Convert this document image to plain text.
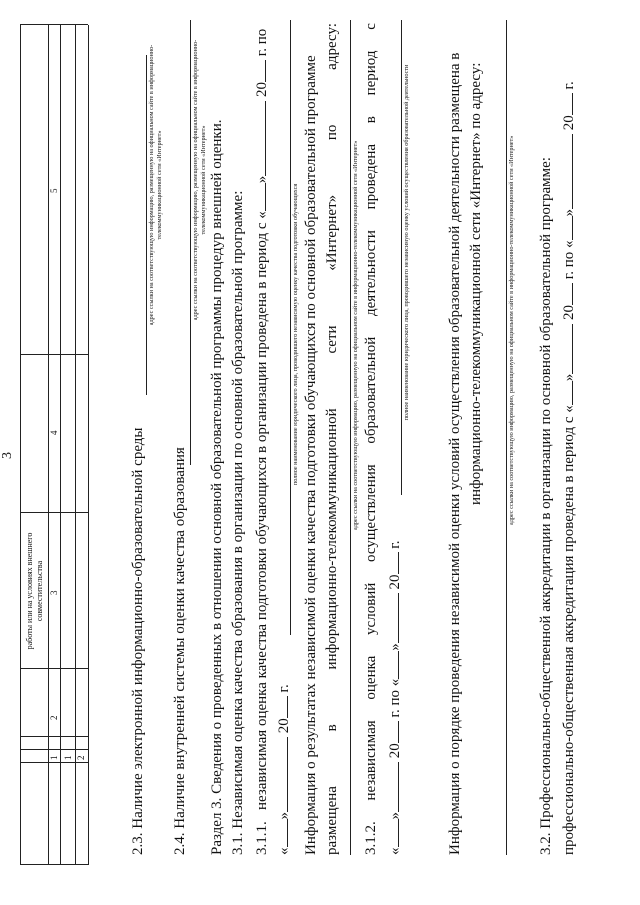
3
работы или на условиях внешнего совместительства
2
3
4
5
1 1 2	2.3. Наличие электронной информационно-образовательной среды
адрес ссылки на соответствующую информацию, размещенную на официальном сайте в информационно-телекоммуникационной сети «Интернет»
2.4. Наличие внутренней системы оценки качества образования
адрес ссылки на соответствующую информацию, размещенную на официальном сайте в информационно-телекоммуникационной сети «Интернет» Раздел 3. Сведения о проведенных в отношении основной образовательной программы процедур внешней оценки. 3.1. Независимая оценка качества образования в организации по основной образовательной программе: 3.1.1.   независимая оценка качества подготовки обучающихся в организации проведена в период с «» 20 г. по
«» 20 г.
полное наименование юридического лица, проводившего независимую оценку качества подготовки обучающихся Информация о результатах независимой оценки качества подготовки обучающихся по основной образовательной программе размещена
в
информационно-телекоммуникационной
сети
«Интернет»
по
адресу:
адрес ссылки на соответствующую информацию, размещенную на официальном сайте в информационно-телекоммуникационной сети «Интернет»
3.1.2.
независимая
оценка
условий
осуществления
образовательной
деятельности
проведена
в
период
с
«» 20 г. по «» 20 г.
полное наименование юридического лица, проводившего независимую оценку условий осуществления образовательной деятельности Информация о порядке проведения независимой оценки условий осуществления образовательной деятельности размещена в информационно-телекоммуникационной сети «Интернет» по адресу:	адрес ссылки на соответствующую информацию, размещенную на официальном сайте в информационно-телекоммуникационной сети «Интернет» 3.2. Профессионально-общественной аккредитации в организации по основной образовательной программе: профессионально-общественная аккредитация проведена в период с «» 20 г. по «» 20 г.
